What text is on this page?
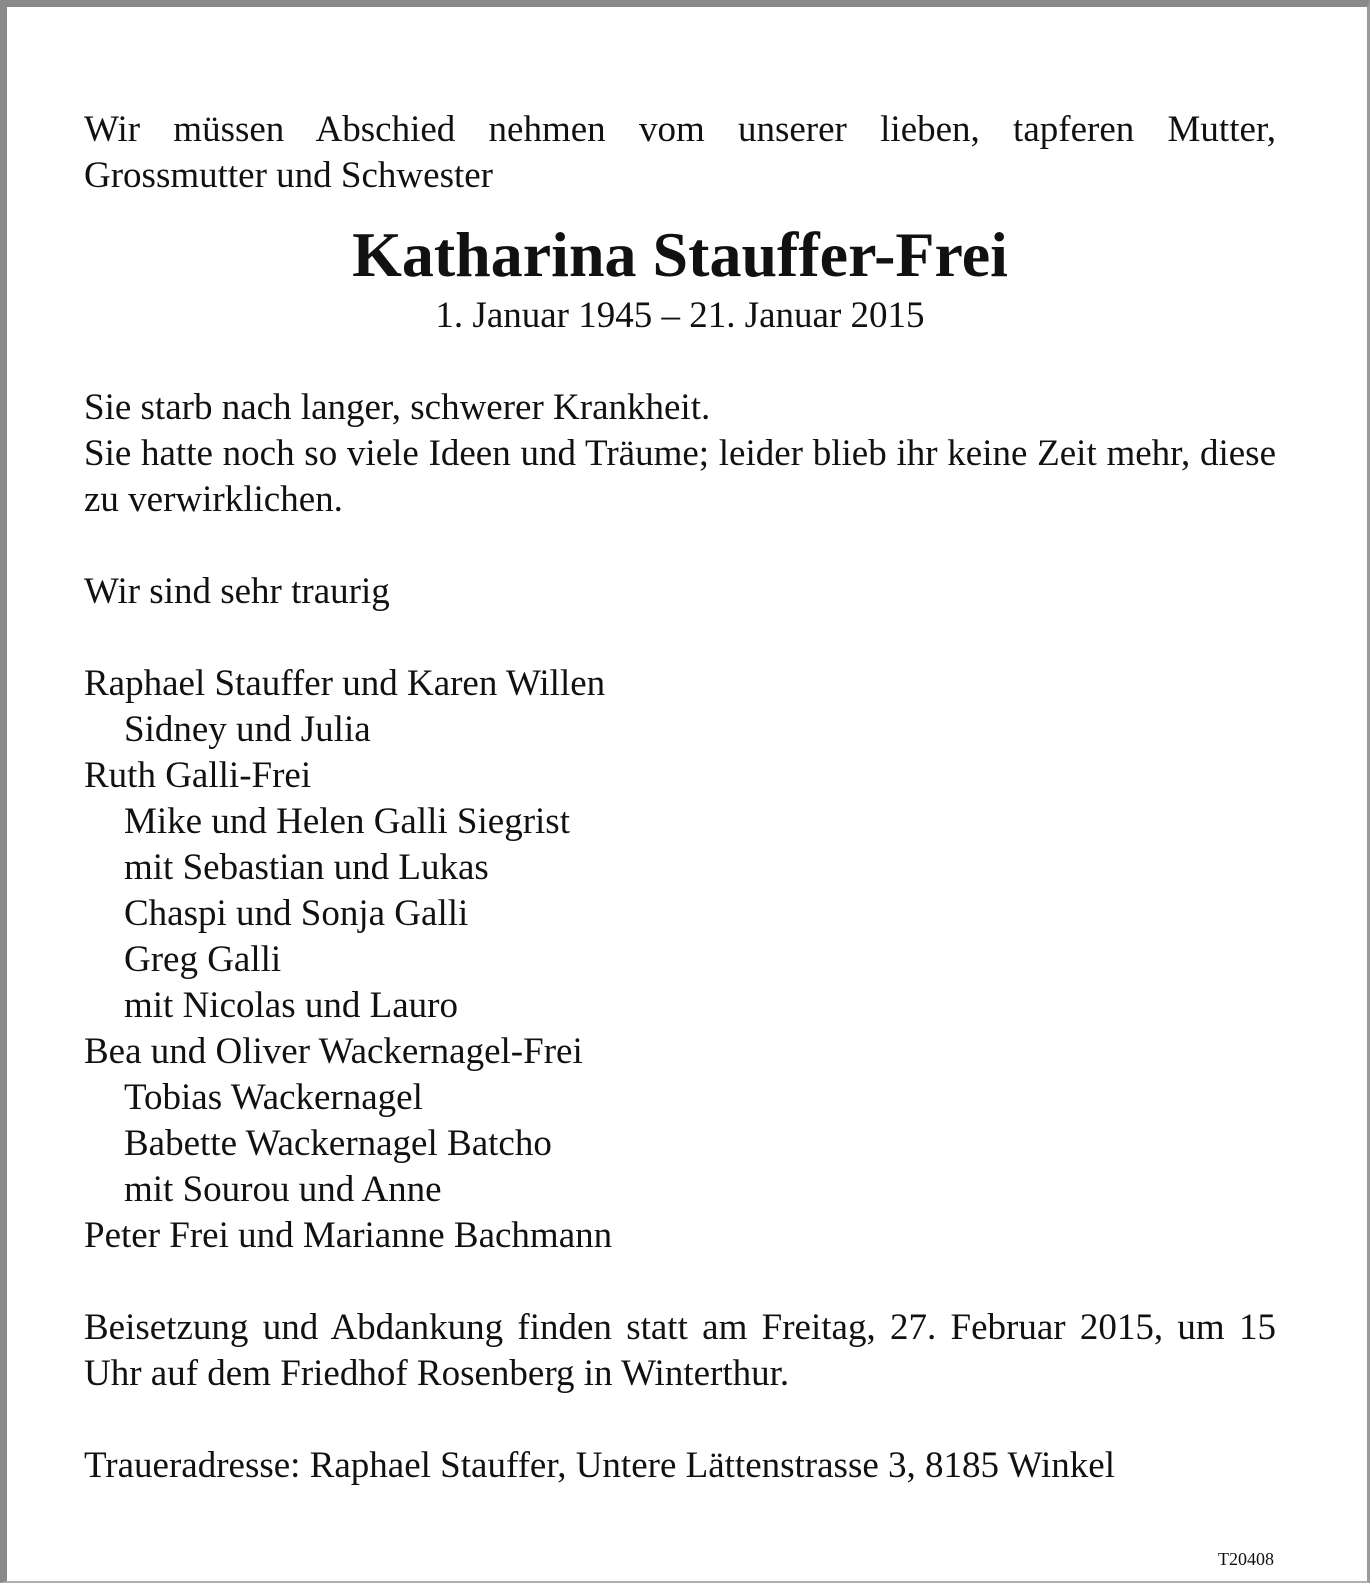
Wir müssen Abschied nehmen vom unserer lieben, tapferen Mutter, Grossmutter und Schwester

Katharina Stauffer-Frei

1. Januar 1945 – 21. Januar 2015

Sie starb nach langer, schwerer Krankheit.

Sie hatte noch so viele Ideen und Träume; leider blieb ihr keine Zeit mehr, diese zu verwirklichen.

Wir sind sehr traurig

Raphael Stauffer und Karen Willen
Sidney und Julia
Ruth Galli-Frei
Mike und Helen Galli Siegrist
mit Sebastian und Lukas
Chaspi und Sonja Galli
Greg Galli
mit Nicolas und Lauro
Bea und Oliver Wackernagel-Frei
Tobias Wackernagel
Babette Wackernagel Batcho
mit Sourou und Anne
Peter Frei und Marianne Bachmann

Beisetzung und Abdankung finden statt am Freitag, 27. Februar 2015, um 15 Uhr auf dem Friedhof Rosenberg in Winterthur.

Traueradresse: Raphael Stauffer, Untere Lättenstrasse 3, 8185 Winkel

T20408
